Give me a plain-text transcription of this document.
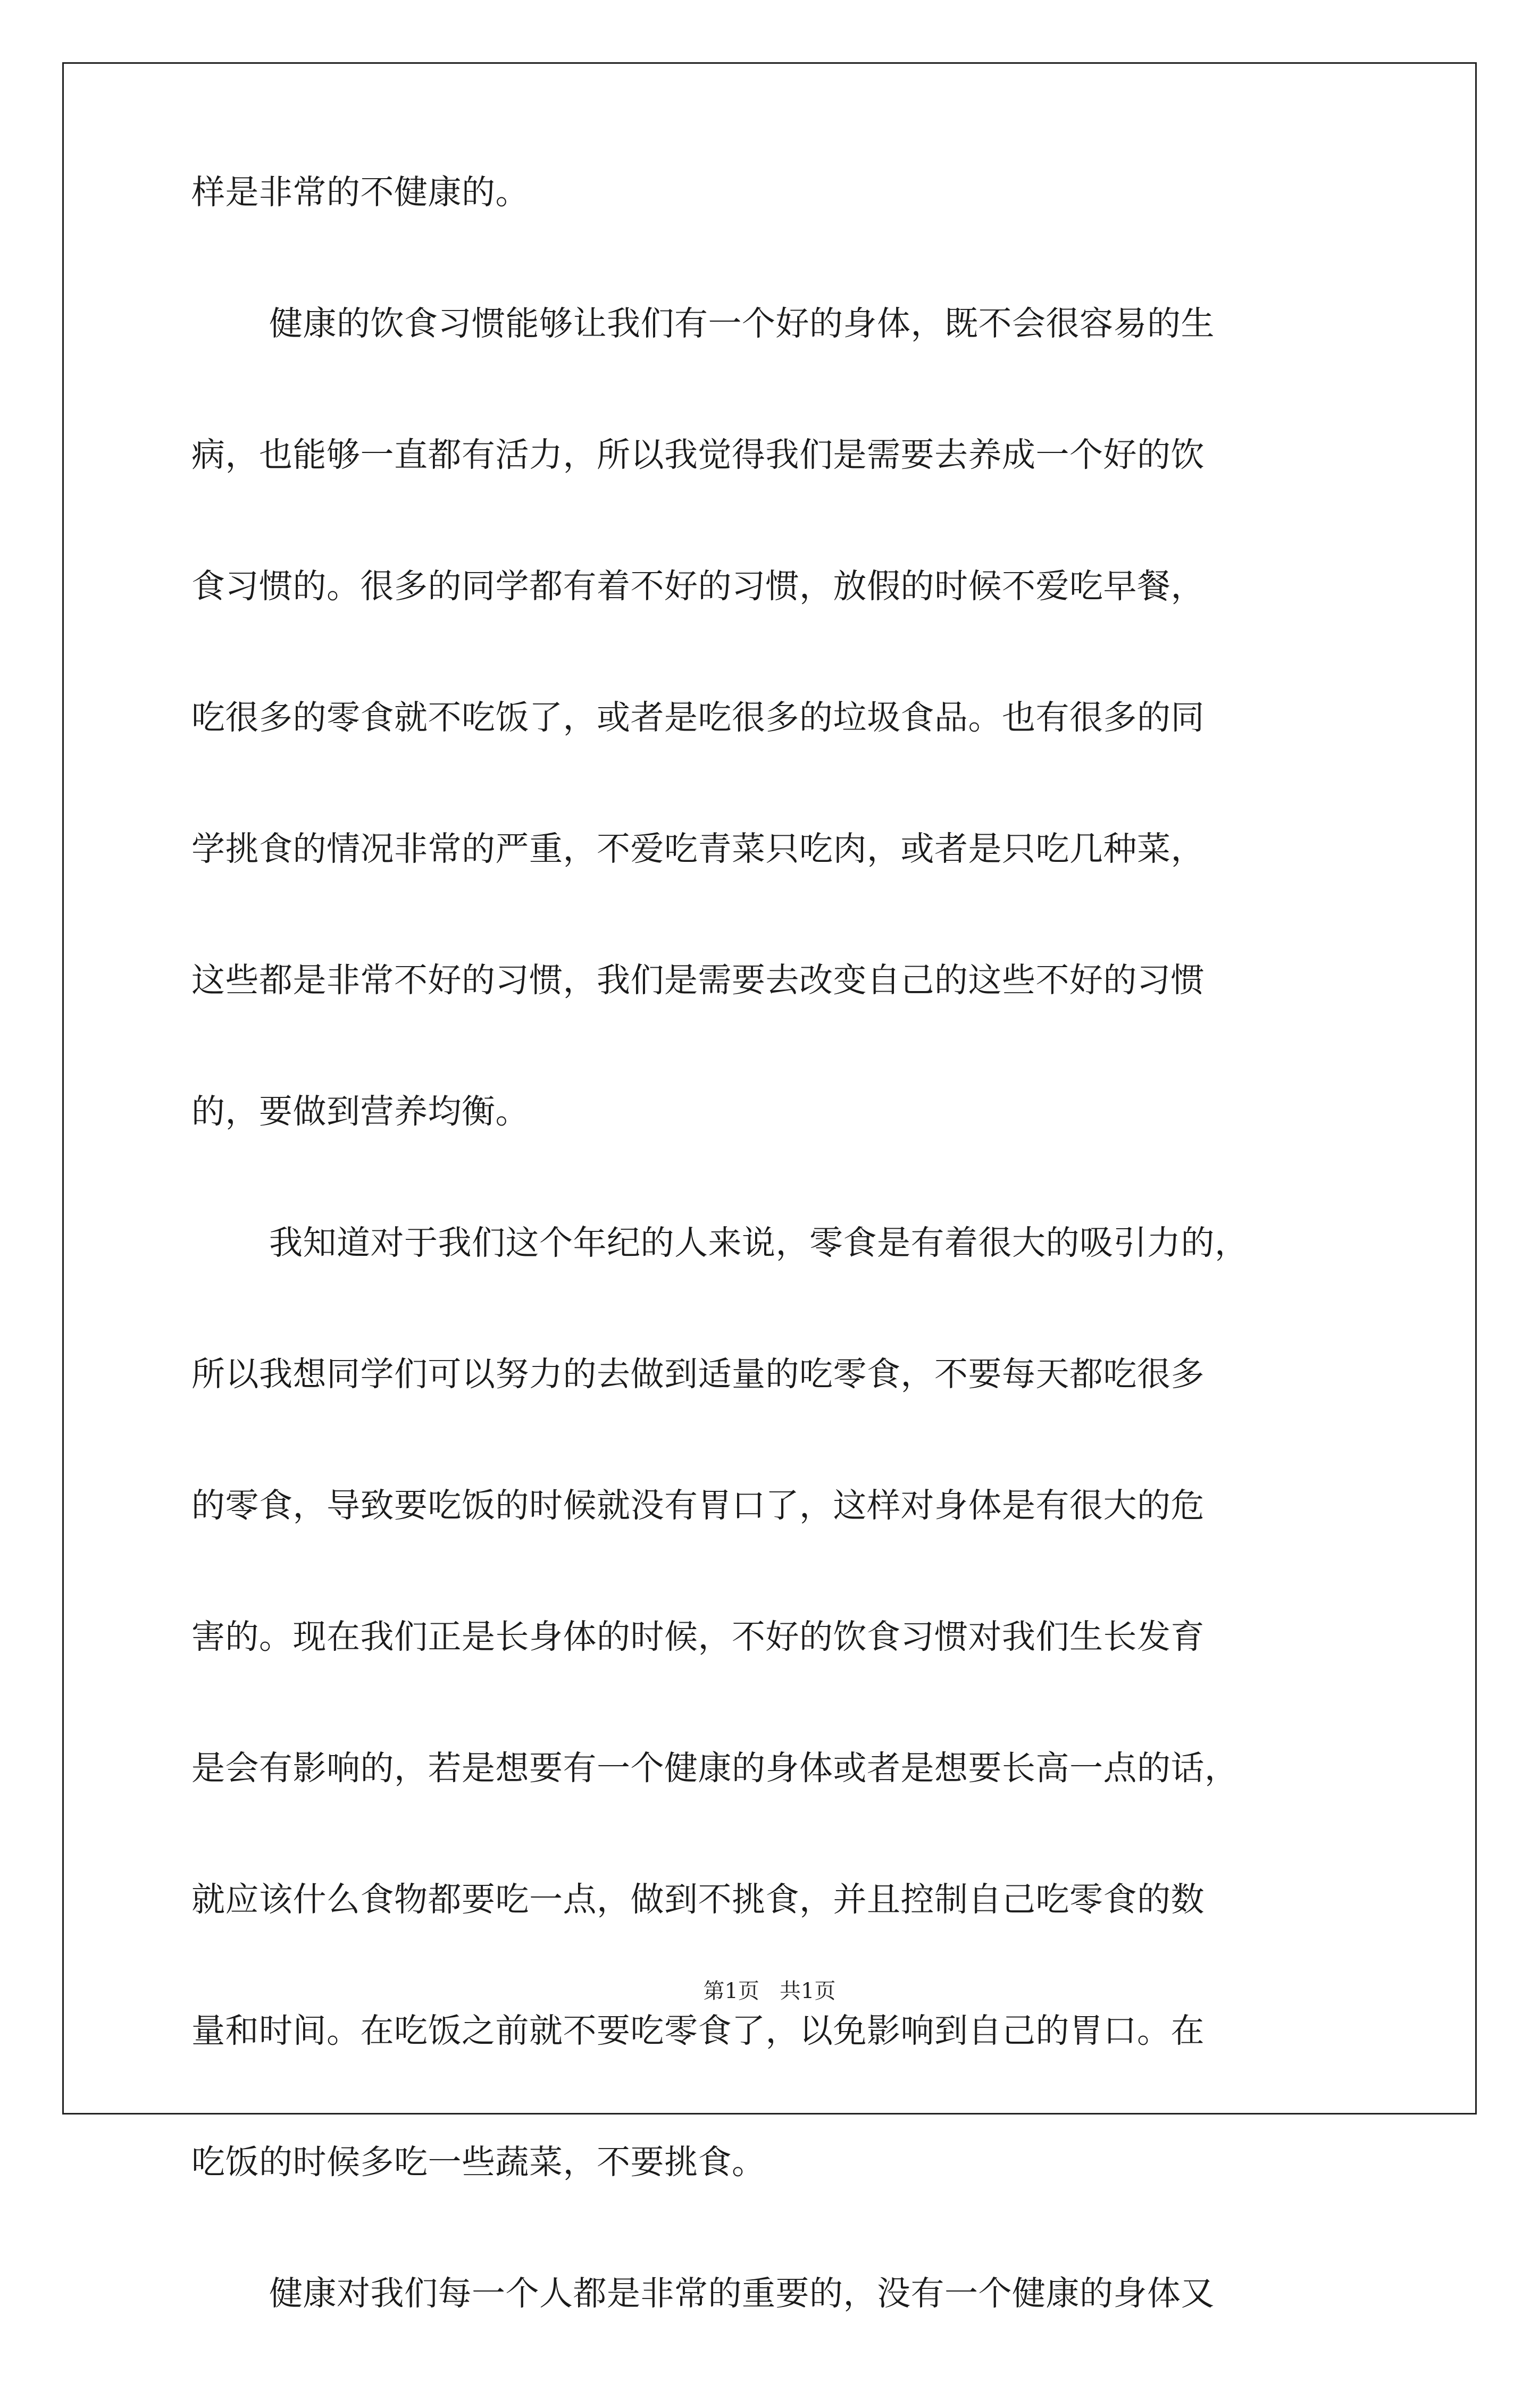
样是非常的不健康的。
健康的饮食习惯能够让我们有一个好的身体，既不会很容易的生
病，也能够一直都有活力，所以我觉得我们是需要去养成一个好的饮
食习惯的。很多的同学都有着不好的习惯，放假的时候不爱吃早餐，
吃很多的零食就不吃饭了，或者是吃很多的垃圾食品。也有很多的同
学挑食的情况非常的严重，不爱吃青菜只吃肉，或者是只吃几种菜，
这些都是非常不好的习惯，我们是需要去改变自己的这些不好的习惯
的，要做到营养均衡。
我知道对于我们这个年纪的人来说，零食是有着很大的吸引力的，
所以我想同学们可以努力的去做到适量的吃零食，不要每天都吃很多
的零食，导致要吃饭的时候就没有胃口了，这样对身体是有很大的危
害的。现在我们正是长身体的时候，不好的饮食习惯对我们生长发育
是会有影响的，若是想要有一个健康的身体或者是想要长高一点的话，
就应该什么食物都要吃一点，做到不挑食，并且控制自己吃零食的数
量和时间。在吃饭之前就不要吃零食了，以免影响到自己的胃口。在
吃饭的时候多吃一些蔬菜，不要挑食。
健康对我们每一个人都是非常的重要的，没有一个健康的身体又
第1页   共1页
